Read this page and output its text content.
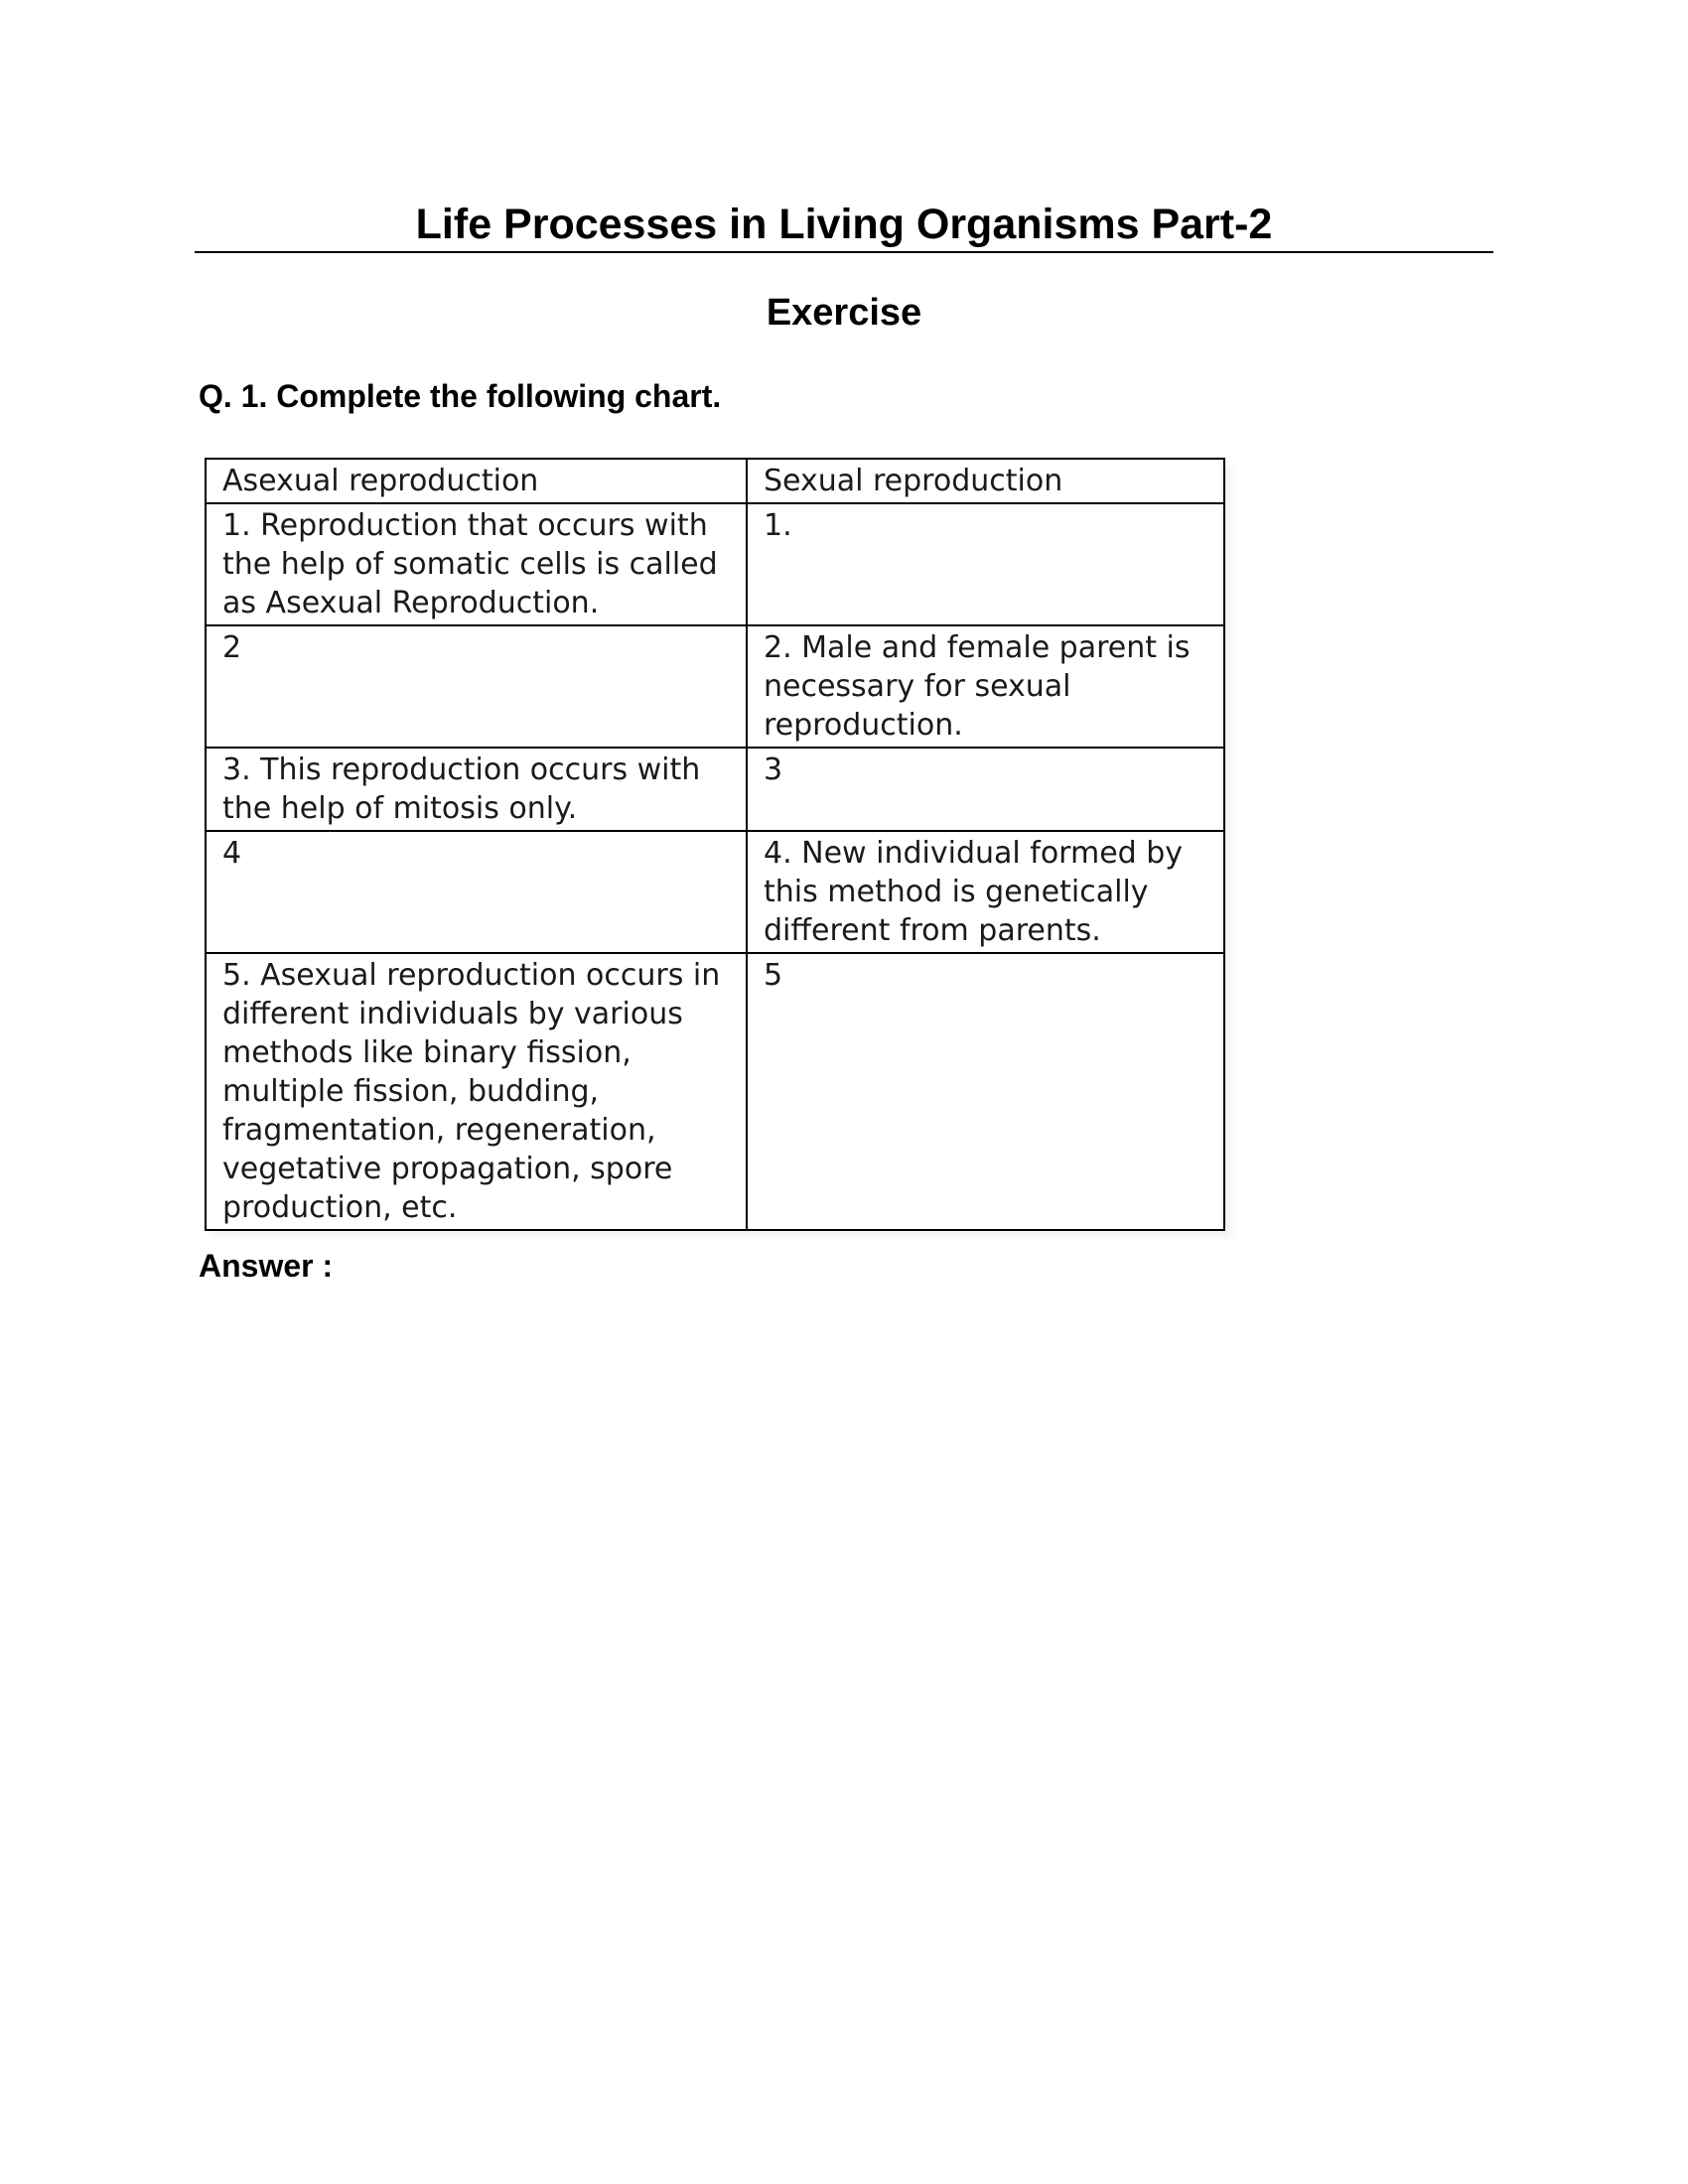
Life Processes in Living Organisms Part-2
Exercise

Q. 1. Complete the following chart.

Asexual reproduction	Sexual reproduction
1. Reproduction that occurs with the help of somatic cells is called as Asexual Reproduction.	1.
2	2. Male and female parent is necessary for sexual reproduction.
3. This reproduction occurs with the help of mitosis only.	3
4	4. New individual formed by this method is genetically different from parents.
5. Asexual reproduction occurs in different individuals by various methods like binary fission, multiple fission, budding, fragmentation, regeneration, vegetative propagation, spore production, etc.	5

Answer :
